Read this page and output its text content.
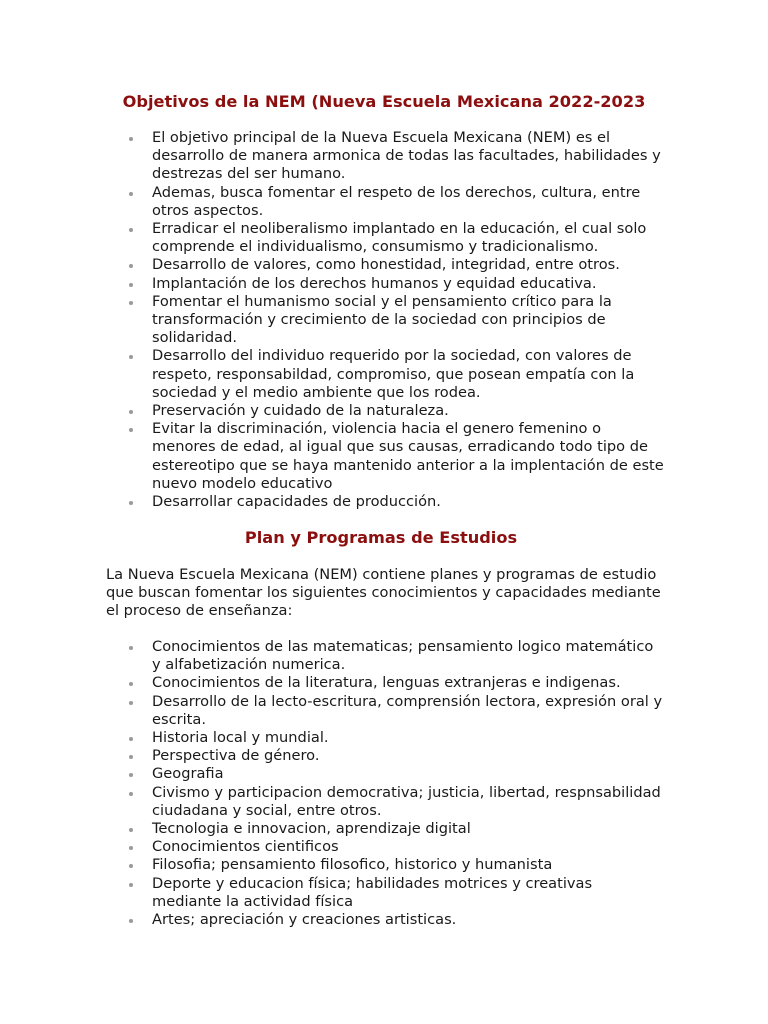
Objetivos de la NEM (Nueva Escuela Mexicana 2022-2023
El objetivo principal de la Nueva Escuela Mexicana (NEM) es el desarrollo de manera armonica de todas las facultades, habilidades y destrezas del ser humano.
Ademas, busca fomentar el respeto de los derechos, cultura, entre otros aspectos.
Erradicar el neoliberalismo implantado en la educación, el cual solo comprende el individualismo, consumismo y tradicionalismo.
Desarrollo de valores, como honestidad, integridad, entre otros.
Implantación de los derechos humanos y equidad educativa.
Fomentar el humanismo social y el pensamiento crítico para la transformación y crecimiento de la sociedad con principios de solidaridad.
Desarrollo del individuo requerido por la sociedad, con valores de respeto, responsabildad, compromiso, que posean empatía con la sociedad y el medio ambiente que los rodea.
Preservación y cuidado de la naturaleza.
Evitar la discriminación, violencia hacia el genero femenino o menores de edad, al igual que sus causas, erradicando todo tipo de estereotipo que se haya mantenido anterior a la implentación de este nuevo modelo educativo
Desarrollar capacidades de producción.
Plan y Programas de Estudios

La Nueva Escuela Mexicana (NEM) contiene planes y programas de estudio que buscan fomentar los siguientes conocimientos y capacidades mediante el proceso de enseñanza:

Conocimientos de las matematicas; pensamiento logico matemático y alfabetización numerica.
Conocimientos de la literatura, lenguas extranjeras e indigenas.
Desarrollo de la lecto-escritura, comprensión lectora, expresión oral y escrita.
Historia local y mundial.
Perspectiva de género.
Geografia
Civismo y participacion democrativa; justicia, libertad, respnsabilidad ciudadana y social, entre otros.
Tecnologia e innovacion, aprendizaje digital
Conocimientos cientificos
Filosofia; pensamiento filosofico, historico y humanista
Deporte y educacion física; habilidades motrices y creativas mediante la actividad física
Artes; apreciación y creaciones artisticas.
